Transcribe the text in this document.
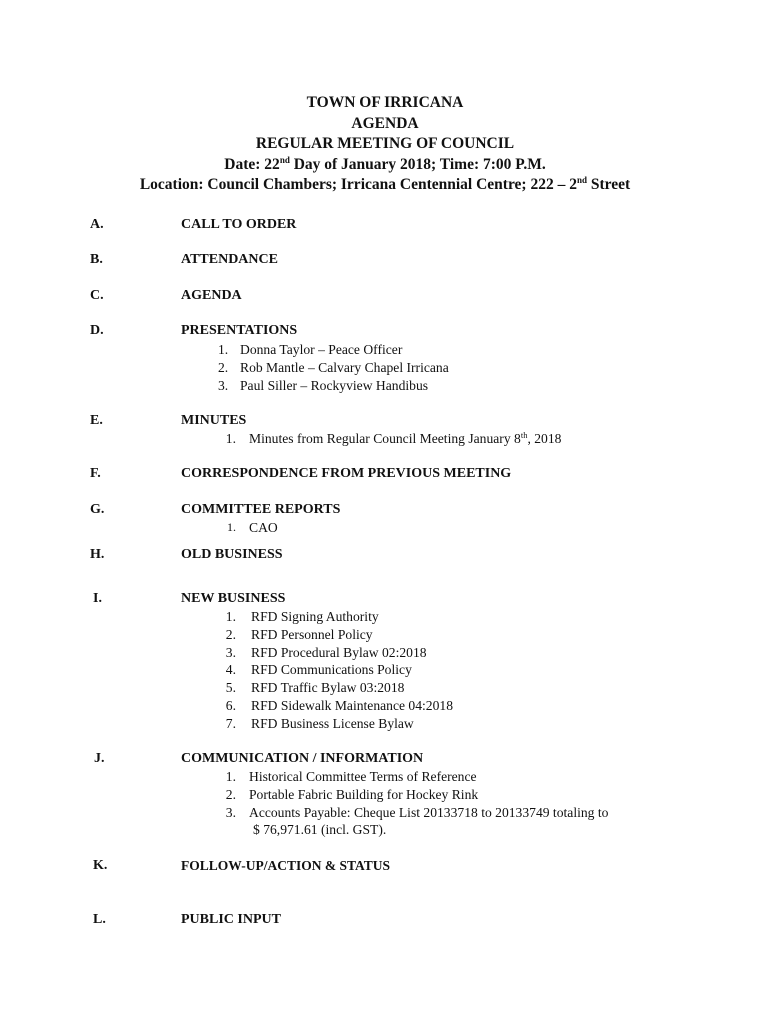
TOWN OF IRRICANA
AGENDA
REGULAR MEETING OF COUNCIL
Date: 22nd Day of January 2018; Time: 7:00 P.M.
Location: Council Chambers; Irricana Centennial Centre; 222 – 2nd Street
A.	CALL TO ORDER
B.	ATTENDANCE
C.	AGENDA
D.	PRESENTATIONS
1. Donna Taylor – Peace Officer
2. Rob Mantle – Calvary Chapel Irricana
3. Paul Siller – Rockyview Handibus
E.	MINUTES
1. Minutes from Regular Council Meeting January 8th, 2018
F.	CORRESPONDENCE FROM PREVIOUS MEETING
G.	COMMITTEE REPORTS
1. CAO
H.	OLD BUSINESS
I.	NEW BUSINESS
1. RFD Signing Authority
2. RFD Personnel Policy
3. RFD Procedural Bylaw 02:2018
4. RFD Communications Policy
5. RFD Traffic Bylaw 03:2018
6. RFD Sidewalk Maintenance 04:2018
7. RFD Business License Bylaw
J.	COMMUNICATION / INFORMATION
1. Historical Committee Terms of Reference
2. Portable Fabric Building for Hockey Rink
3. Accounts Payable: Cheque List 20133718 to 20133749 totaling to
$ 76,971.61 (incl. GST).
K.	FOLLOW-UP/ACTION & STATUS
L.	PUBLIC INPUT
